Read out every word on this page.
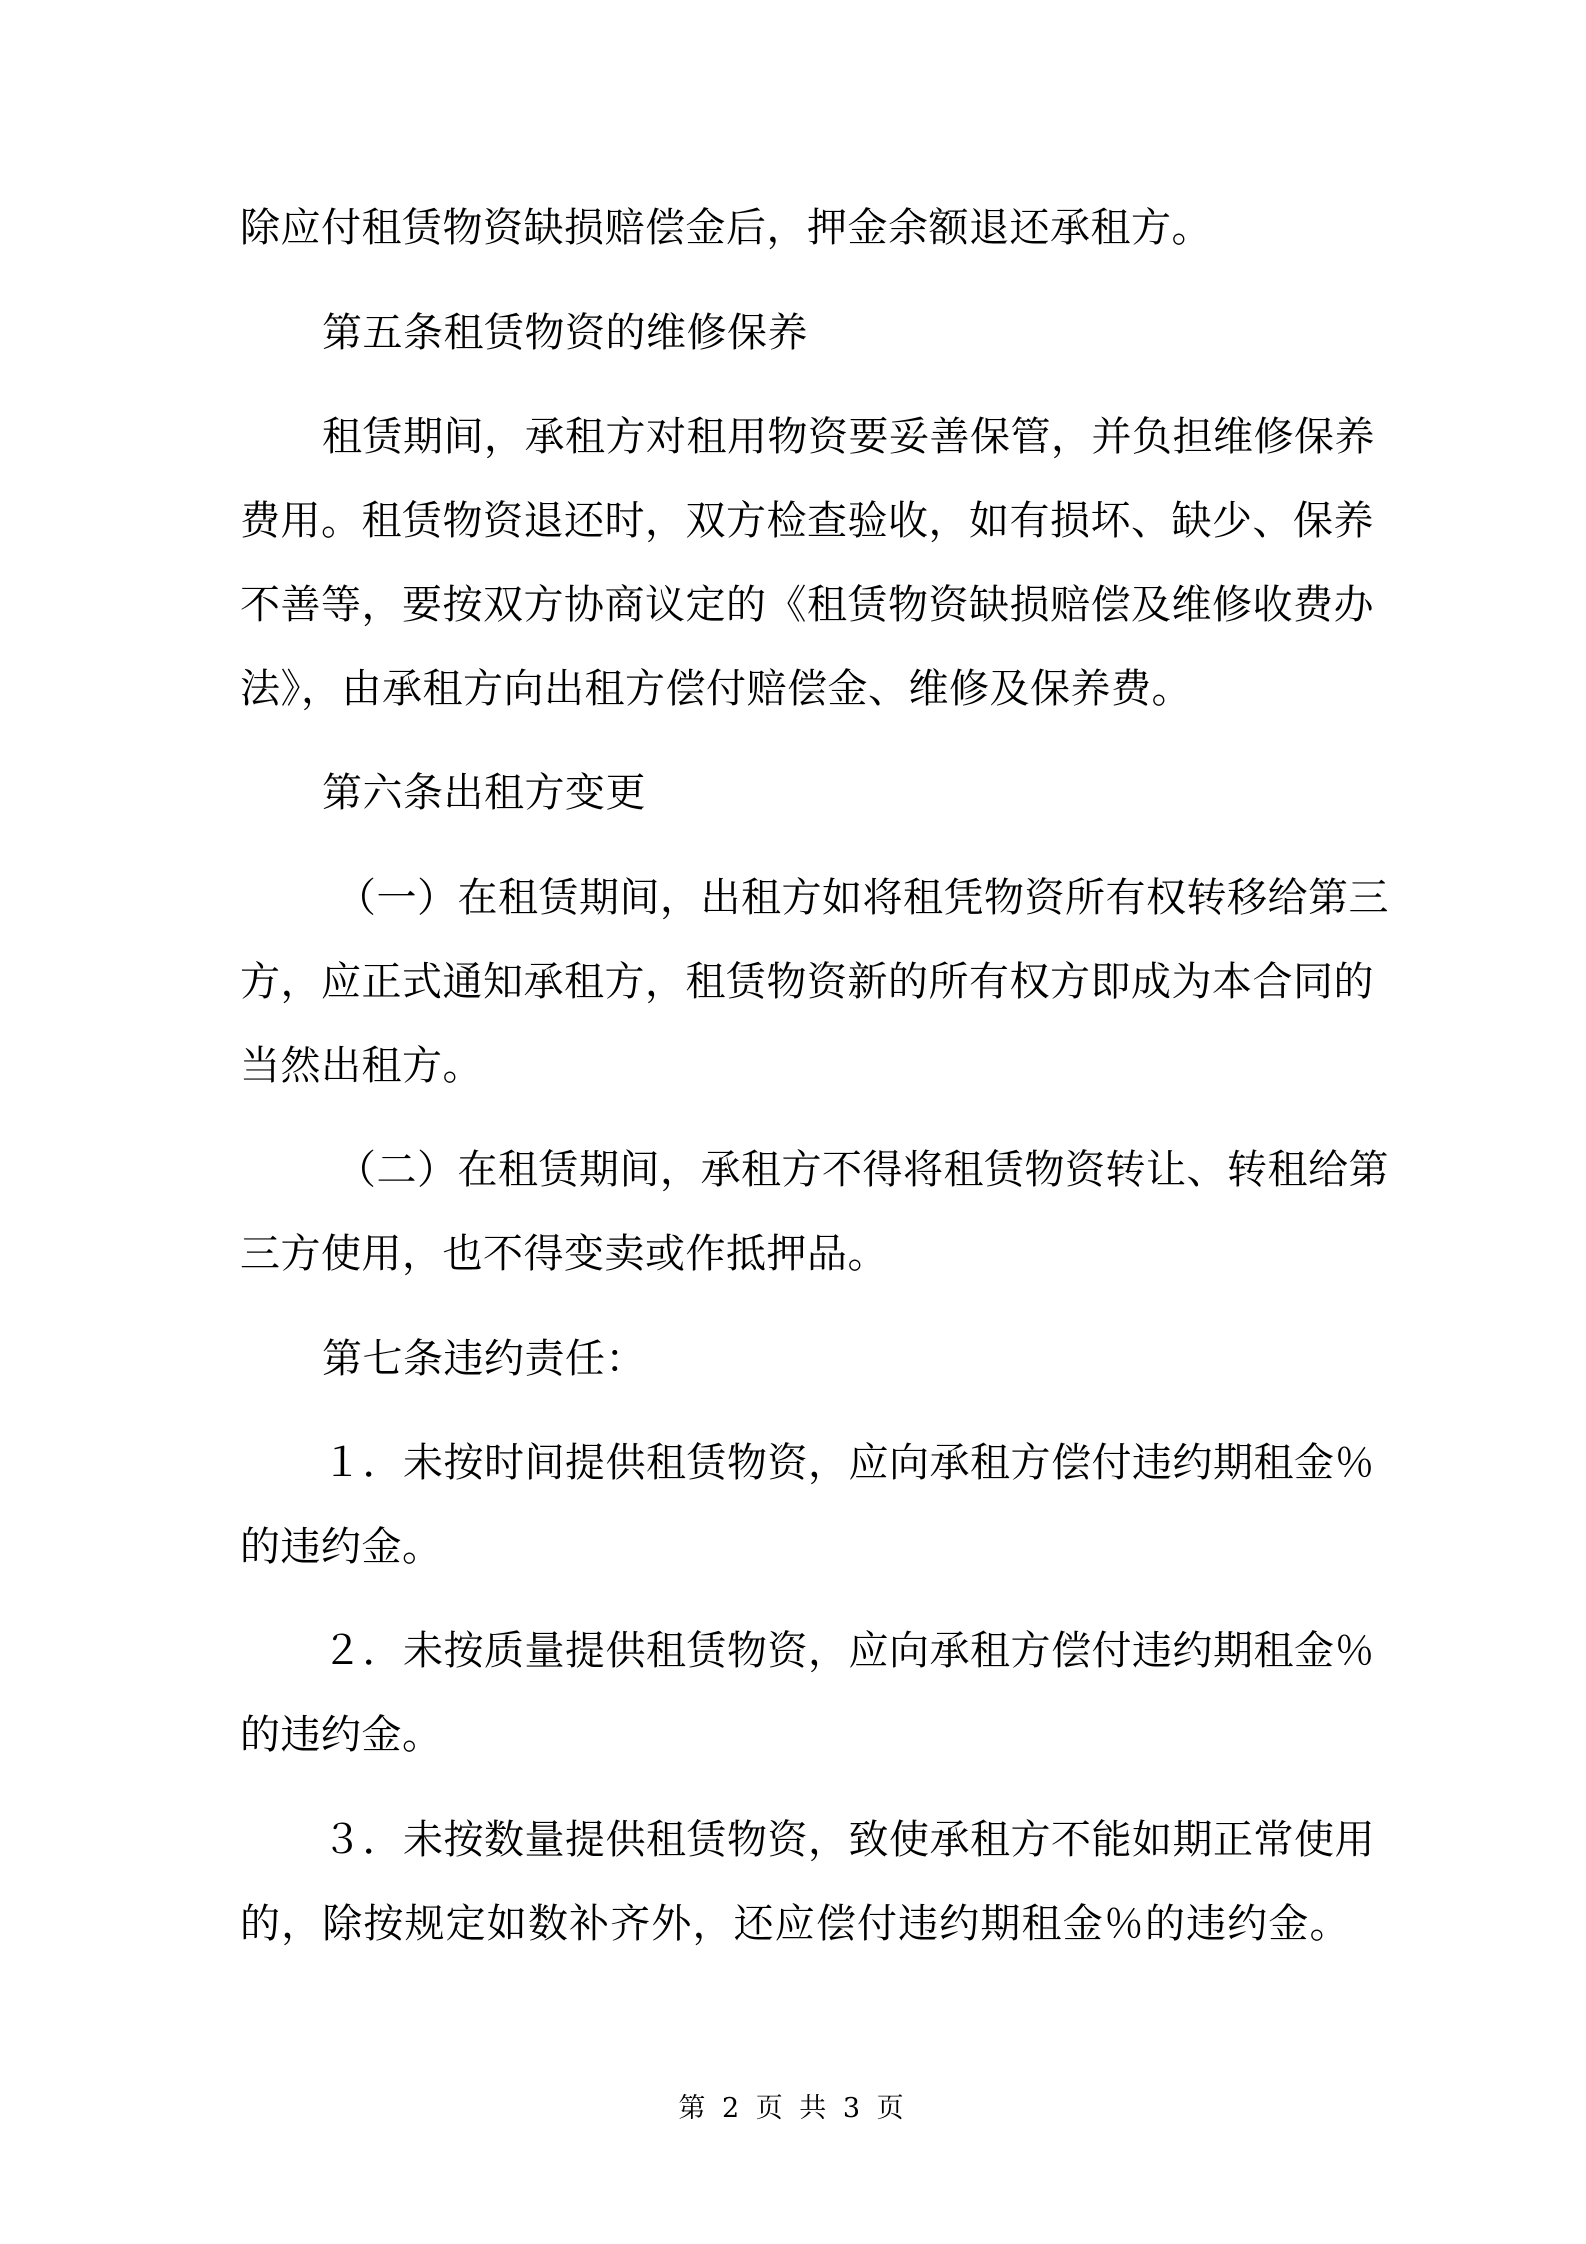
除应付租赁物资缺损赔偿金后，押金余额退还承租方。
第五条租赁物资的维修保养
租赁期间，承租方对租用物资要妥善保管，并负担维修保养
费用。租赁物资退还时，双方检查验收，如有损坏、缺少、保养
不善等，要按双方协商议定的《租赁物资缺损赔偿及维修收费办
法》，由承租方向出租方偿付赔偿金、维修及保养费。
第六条出租方变更
（一）在租赁期间，出租方如将租凭物资所有权转移给第三
方，应正式通知承租方，租赁物资新的所有权方即成为本合同的
当然出租方。
（二）在租赁期间，承租方不得将租赁物资转让、转租给第
三方使用，也不得变卖或作抵押品。
第七条违约责任：
１．未按时间提供租赁物资，应向承租方偿付违约期租金％
的违约金。
２．未按质量提供租赁物资，应向承租方偿付违约期租金％
的违约金。
３．未按数量提供租赁物资，致使承租方不能如期正常使用
的，除按规定如数补齐外，还应偿付违约期租金％的违约金。
第 2 页 共 3 页
